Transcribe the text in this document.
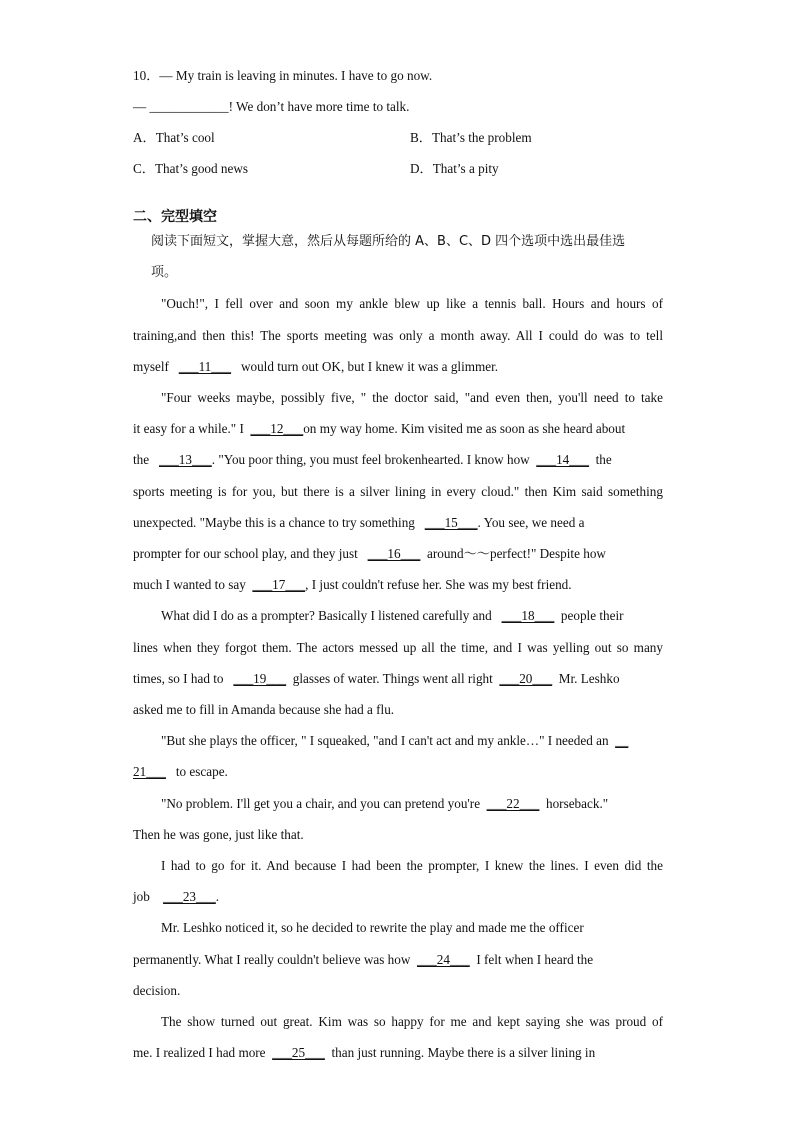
10．— My train is leaving in minutes. I have to go now.
— ____________! We don’t have more time to talk.
A．That’s cool	B．That’s the problem
C．That’s good news	D．That’s a pity
二、完型填空
阅读下面短文，掌握大意，然后从每题所给的 A、B、C、D 四个选项中选出最佳选
项。
"Ouch!", I fell over and soon my ankle blew up like a tennis ball. Hours and hours of
training,and then this! The sports meeting was only a month away. All I could do was to tell
myself ___11___ would turn out OK, but I knew it was a glimmer.
"Four weeks maybe, possibly five, " the doctor said, "and even then, you'll need to take
it easy for a while." I ___12___on my way home. Kim visited me as soon as she heard about
the ___13___. "You poor thing, you must feel brokenhearted. I know how ___14___ the
sports meeting is for you, but there is a silver lining in every cloud." then Kim said something
unexpected. "Maybe this is a chance to try something ___15___. You see, we need a
prompter for our school play, and they just ___16___ around～～perfect!" Despite how
much I wanted to say ___17___, I just couldn't refuse her. She was my best friend.
What did I do as a prompter? Basically I listened carefully and ___18___ people their
lines when they forgot them. The actors messed up all the time, and I was yelling out so many
times, so I had to ___19___ glasses of water. Things went all right ___20___ Mr. Leshko
asked me to fill in Amanda because she had a flu.
"But she plays the officer, " I squeaked, "and I can't act and my ankle…" I needed an __
21___ to escape.
"No problem. I'll get you a chair, and you can pretend you're ___22___ horseback."
Then he was gone, just like that.
I had to go for it. And because I had been the prompter, I knew the lines. I even did the
job ___23___.
Mr. Leshko noticed it, so he decided to rewrite the play and made me the officer
permanently. What I really couldn't believe was how ___24___ I felt when I heard the
decision.
The show turned out great. Kim was so happy for me and kept saying she was proud of
me. I realized I had more ___25___ than just running. Maybe there is a silver lining in
